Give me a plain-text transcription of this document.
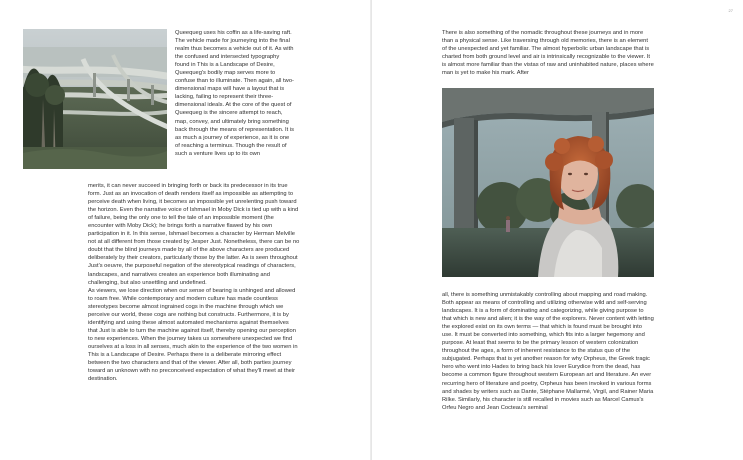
Queequeg uses his coffin as a life-saving raft. The vehicle made for journeying into the final realm thus becomes a vehicle out of it. As with the confused and intersected typography found in This is a Landscape of Desire, Queequeg's bodily map serves more to confuse than to illuminate. Then again, all two-dimensional maps will have a layout that is lacking, failing to represent their three-dimensional ideals. At the core of the quest of Queequeg is the sincere attempt to reach, map, convey, and ultimately bring something back through the means of representation. It is as much a journey of experience, as it is one of reaching a terminus. Though the result of such a venture lives up to its own

merits, it can never succeed in bringing forth or back its predecessor in its true form. Just as an invocation of death renders itself as impossible as attempting to perceive death when living, it becomes an impossible yet unrelenting push toward the horizon. Even the narrative voice of Ishmael in Moby Dick is tied up with a kind of failure, being the only one to tell the tale of an impossible moment (the encounter with Moby Dick); he brings forth a narrative flawed by his own participation in it. In this sense, Ishmael becomes a character by Herman Melville not at all different from those created by Jesper Just. Nonetheless, there can be no doubt that the blind journeys made by all of the above characters are produced deliberately by their creators, particularly those by the latter. As is seen throughout Just's oeuvre, the purposeful negation of the stereotypical readings of characters, landscapes, and narratives creates an experience both illuminating and challenging, but also unsettling and undefined.

As viewers, we lose direction when our sense of bearing is unhinged and allowed to roam free. While contemporary and modern culture has made countless stereotypes become almost ingrained cogs in the machine through which we perceive our world, these cogs are nothing but constructs. Furthermore, it is by identifying and using these almost automated mechanisms against themselves that Just is able to turn the machine against itself, thereby opening our perception to new experiences. When the journey takes us somewhere unexpected we find ourselves at a loss in all senses, much akin to the experience of the two women in This is a Landscape of Desire. Perhaps there is a deliberate mirroring effect between the two characters and that of the viewer. After all, both parties journey toward an unknown with no preconceived expectation of what they'll meet at their destination.

27

There is also something of the nomadic throughout these journeys and in more than a physical sense. Like traversing through old memories, there is an element of the unexpected and yet familiar. The almost hyperbolic urban landscape that is charted from both ground level and air is intrinsically recognizable to the viewer. It is almost more familiar than the vistas of raw and uninhabited nature, places where man is yet to make his mark. After

all, there is something unmistakably controlling about mapping and road making. Both appear as means of controlling and utilizing otherwise wild and self-serving landscapes. It is a form of dominating and categorizing, while giving purpose to that which is new and alien; it is the way of the explorers. Never content with letting the explored exist on its own terms — that which is found must be brought into use. It must be converted into something, which fits into a larger hegemony and purpose. At least that seems to be the primary lesson of western colonization throughout the ages, a form of inherent resistance to the status quo of the subjugated. Perhaps that is yet another reason for why Orpheus, the Greek tragic hero who went into Hades to bring back his lover Eurydice from the dead, has become a common figure throughout western European art and literature. An ever recurring hero of literature and poetry, Orpheus has been invoked in various forms and shades by writers such as Dante, Stéphane Mallarmé, Virgil, and Rainer Maria Rilke. Similarly, his character is still recalled in movies such as Marcel Camus's Orfeu Negro and Jean Cocteau's seminal
